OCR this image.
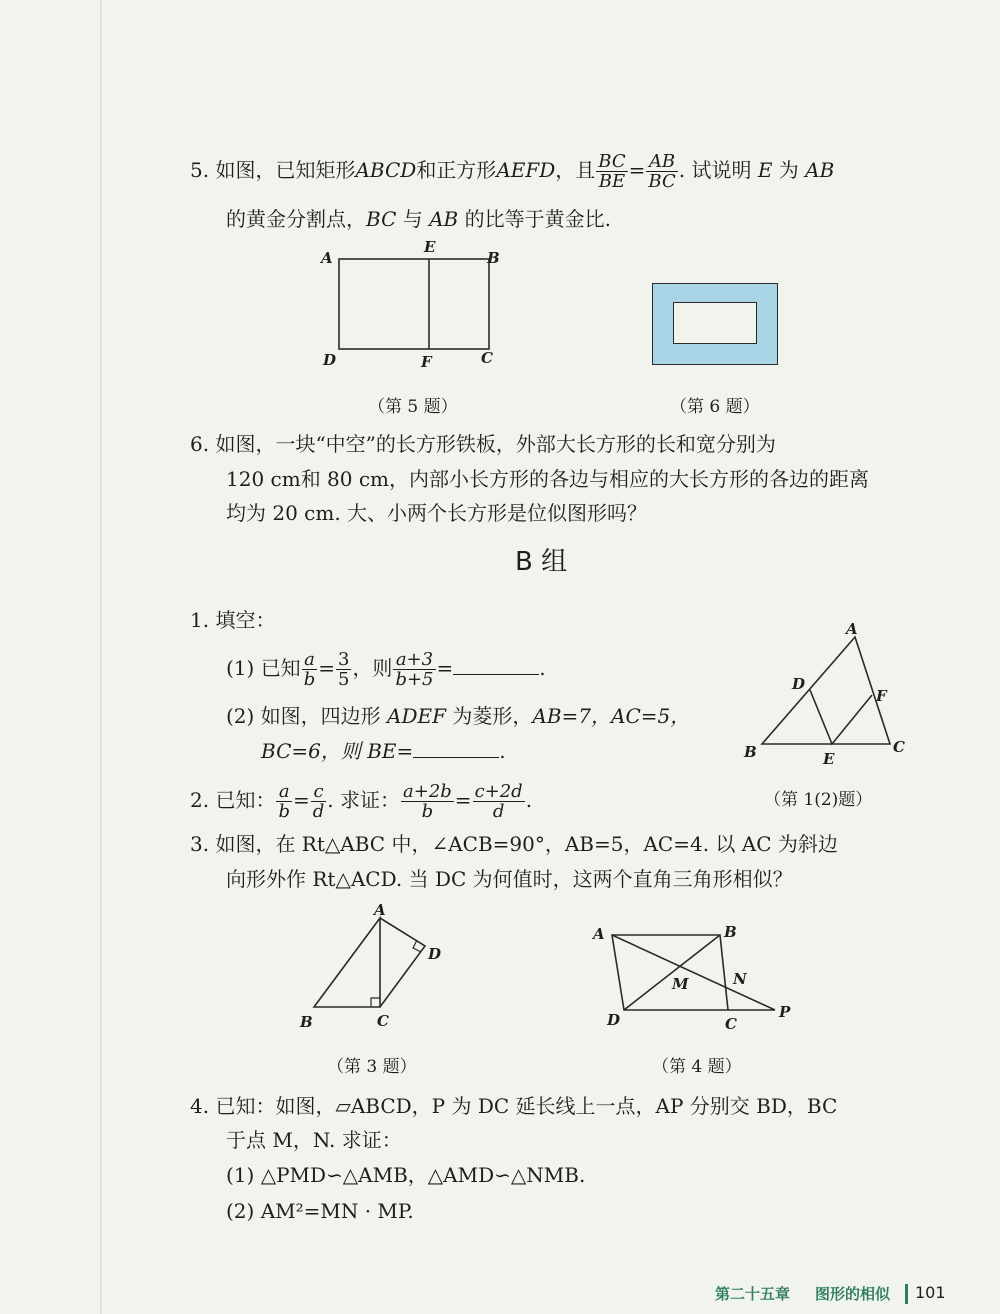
5. 如图，已知矩形ABCD和正方形AEFD，且 $\frac{BC}{BE} = \frac{AB}{BC}$ . 试说明 E 为 AB
的黄金分割点，BC 与 AB 的比等于黄金比.
A
E
B
D	F	C
（第 5 题）	（第 6 题）
6. 如图，一块“中空”的长方形铁板，外部大长方形的长和宽分别为
120 cm和 80 cm，内部小长方形的各边与相应的大长方形的各边的距离
均为 20 cm. 大、小两个长方形是位似图形吗？
B 组
1. 填空：
(1) 已知 $\frac{a}{b} = \frac{3}{5}$ ，则 $\frac{a+3}{b+5}$ =	.
(2) 如图，四边形 ADEF 为菱形，AB=7，AC=5，
BC=6，则 BE=	.
A
D
F
B	E
C
（第 1(2)题）
2. 已知： $\frac{a}{b} = \frac{c}{d}$ . 求证： $\frac{a+2b}{b} = \frac{c+2d}{d}$ .
3. 如图，在 Rt△ABC 中，∠ACB=90°，AB=5，AC=4. 以 AC 为斜边
向形外作 Rt△ACD. 当 DC 为何值时，这两个直角三角形相似？
A
D
B	C
（第 3 题）
A	B
M	N
D	C
P
（第 4 题）
4. 已知：如图，▱ABCD，P 为 DC 延长线上一点，AP 分别交 BD，BC
于点 M，N. 求证：
(1) △PMD∽△AMB，△AMD∽△NMB.
(2) AM²=MN · MP.
第二十五章 图形的相似 101
